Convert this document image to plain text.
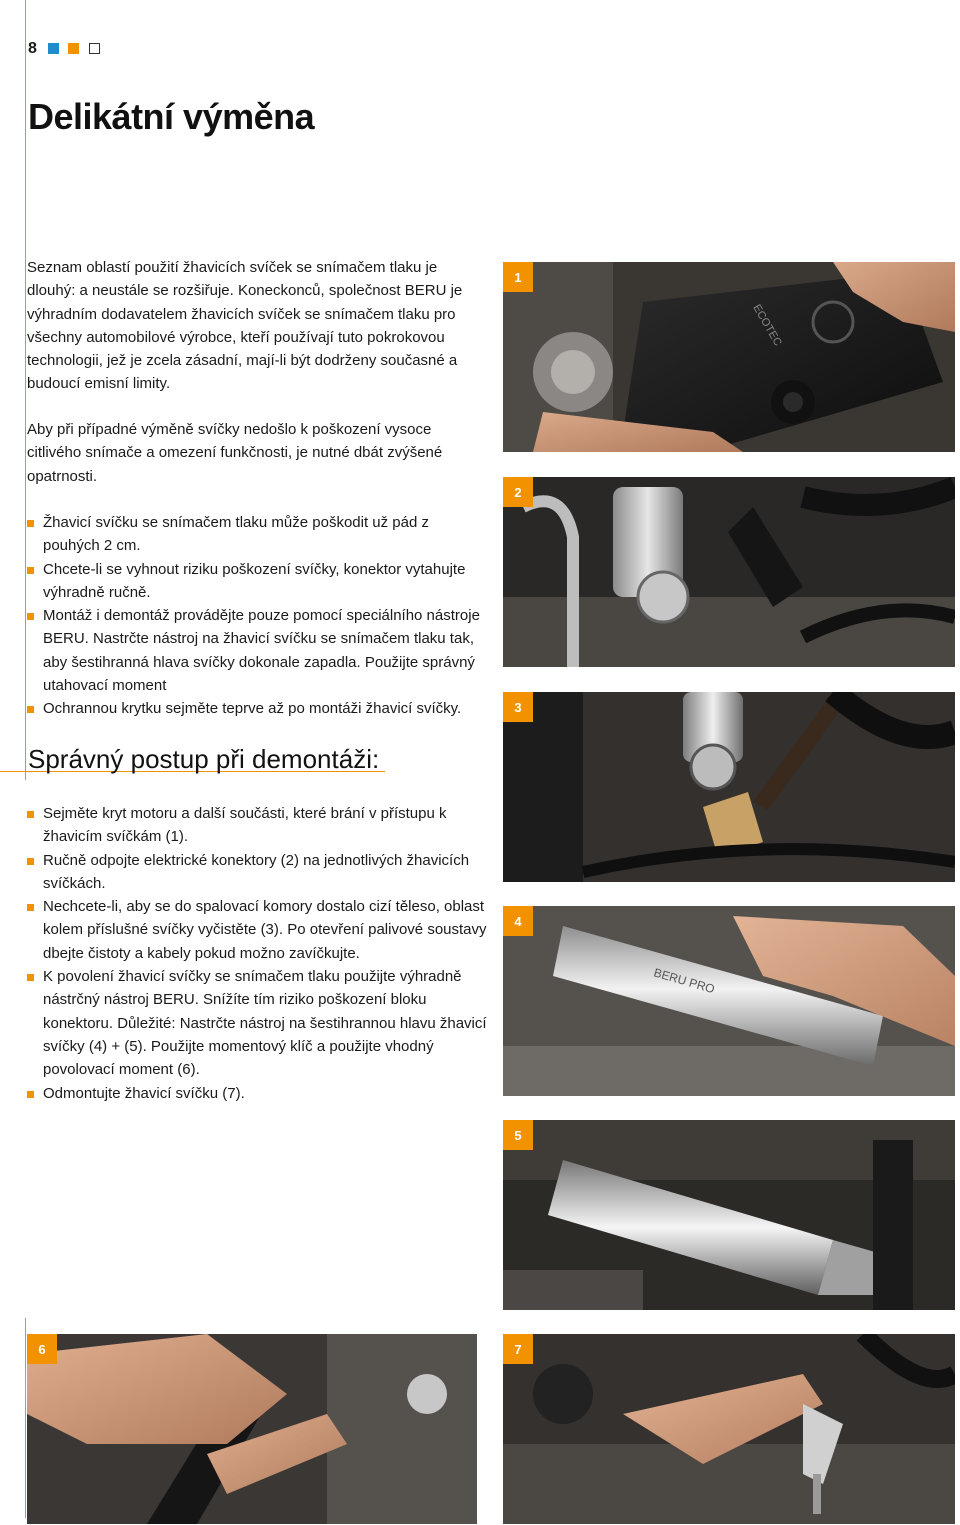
8
Delikátní výměna

Seznam oblastí použití žhavicích svíček se snímačem tlaku je dlouhý: a neustále se rozšiřuje. Koneckonců, společnost BERU je výhradním dodavatelem žhavicích svíček se snímačem tlaku pro všechny automobilové výrobce, kteří používají tuto pokrokovou technologii, jež je zcela zásadní, mají-li být dodrženy současné a budoucí emisní limity.

Aby při případné výměně svíčky nedošlo k poškození vysoce citlivého snímače a omezení funkčnosti, je nutné dbát zvýšené opatrnosti.

Žhavicí svíčku se snímačem tlaku může poškodit už pád z pouhých 2 cm.
Chcete-li se vyhnout riziku poškození svíčky, konektor vytahujte výhradně ručně.
Montáž i demontáž provádějte pouze pomocí speciálního nástroje BERU. Nastrčte nástroj na žhavicí svíčku se snímačem tlaku tak, aby šestihranná hlava svíčky dokonale zapadla. Použijte správný utahovací moment
Ochrannou krytku sejměte teprve až po montáži žhavicí svíčky.
Správný postup při demontáži:
Sejměte kryt motoru a další součásti, které brání v přístupu k žhavicím svíčkám (1).
Ručně odpojte elektrické konektory (2) na jednotlivých žhavicích svíčkách.
Nechcete-li, aby se do spalovací komory dostalo cizí těleso, oblast kolem příslušné svíčky vyčistěte (3). Po otevření palivové soustavy dbejte čistoty a kabely pokud možno zavíčkujte.
K povolení žhavicí svíčky se snímačem tlaku použijte výhradně nástrčný nástroj BERU. Snížíte tím riziko poškození bloku konektoru. Důležité: Nastrčte nástroj na šestihrannou hlavu žhavicí svíčky (4) + (5). Použijte momentový klíč a použijte vhodný povolovací moment (6).
Odmontujte žhavicí svíčku (7).
ECOTEC
1
2
3
BERU PRO
4
5
6	7
